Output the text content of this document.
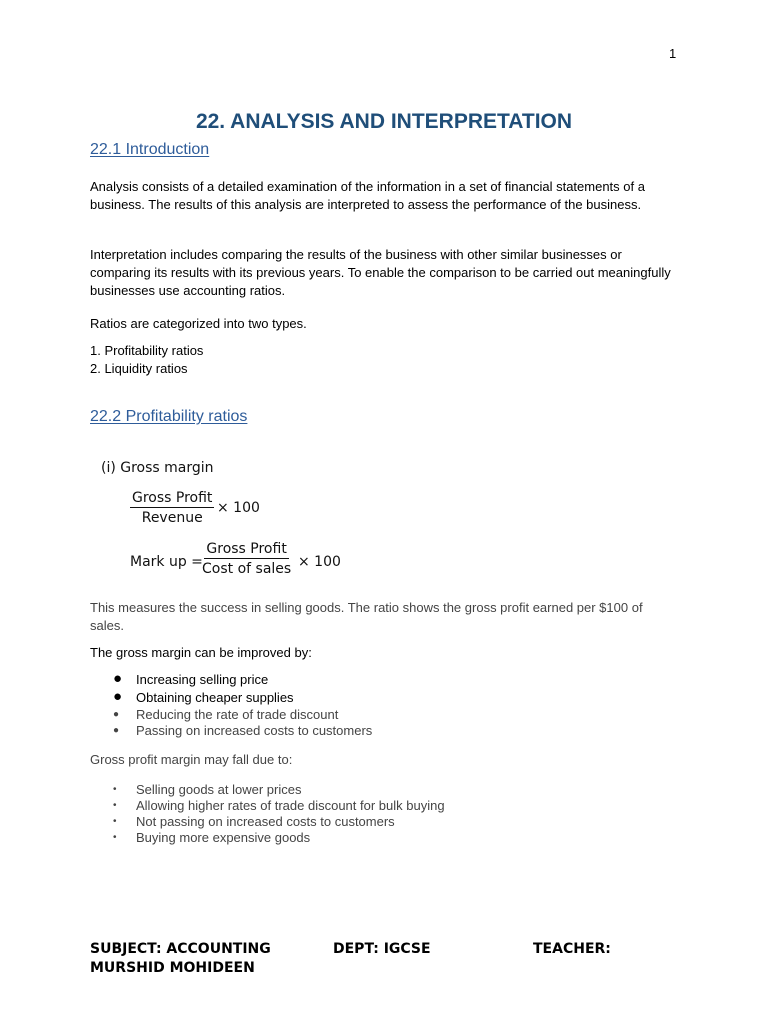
1
22. ANALYSIS AND INTERPRETATION
22.1 Introduction

Analysis consists of a detailed examination of the information in a set of financial statements of a business. The results of this analysis are interpreted to assess the performance of the business.

Interpretation includes comparing the results of the business with other similar businesses or comparing its results with its previous years. To enable the comparison to be carried out meaningfully businesses use accounting ratios.

Ratios are categorized into two types.

1. Profitability ratios
2. Liquidity ratios
22.2 Profitability ratios
(i) Gross margin
Gross Profit
Revenue
× 100
Mark up =
Gross Profit
Cost of sales × 100

This measures the success in selling goods. The ratio shows the gross profit earned per $100 of sales.

The gross margin can be improved by:

● Increasing selling price
● Obtaining cheaper supplies
● Reducing the rate of trade discount
● Passing on increased costs to customers

Gross profit margin may fall due to:

• Selling goods at lower prices
• Allowing higher rates of trade discount for bulk buying
• Not passing on increased costs to customers
• Buying more expensive goods
SUBJECT: ACCOUNTING	DEPT: IGCSE	TEACHER:
MURSHID MOHIDEEN
